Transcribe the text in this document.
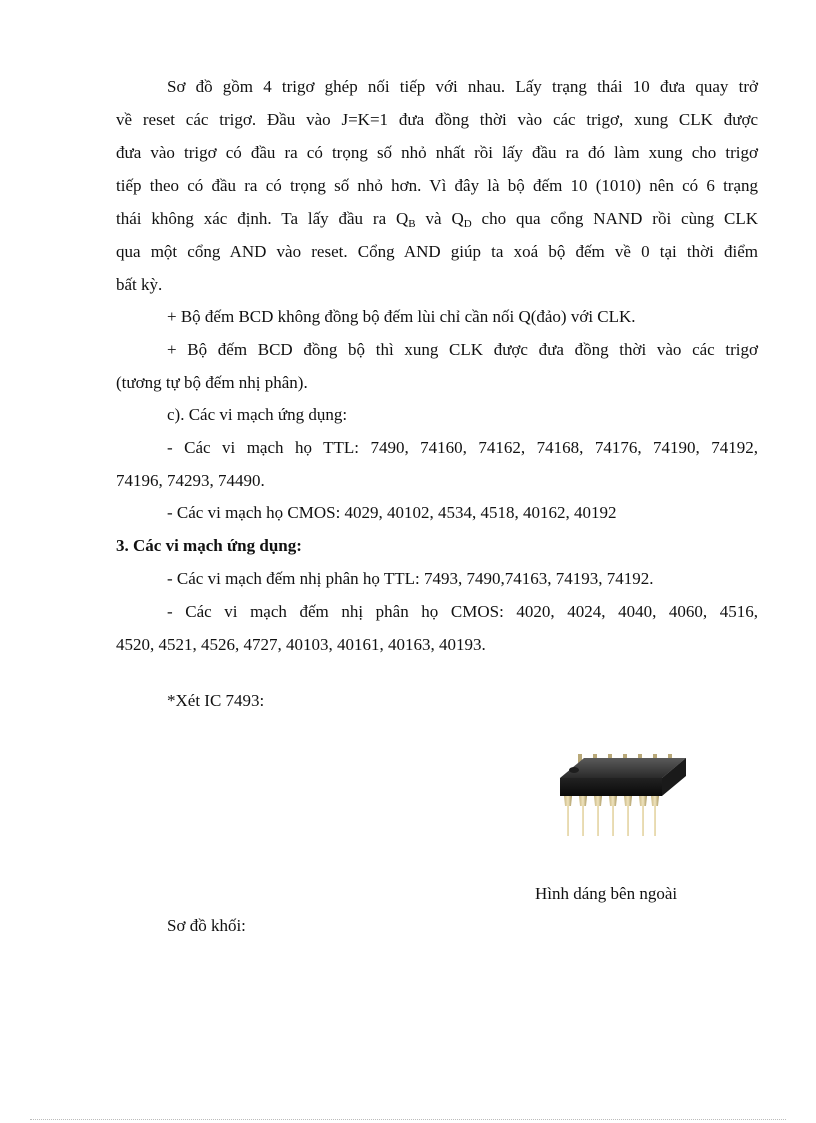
Sơ đồ gồm 4 trigơ ghép nối tiếp với nhau. Lấy trạng thái 10 đưa quay trở
về reset các trigơ. Đầu vào J=K=1 đưa đồng thời vào các trigơ, xung CLK được
đưa vào trigơ có đầu ra có trọng số nhỏ nhất rồi lấy đầu ra đó làm xung cho trigơ
tiếp theo có đầu ra có trọng số nhỏ hơn. Vì đây là bộ đếm 10 (1010) nên có 6 trạng
thái không xác định. Ta lấy đầu ra $Q_B$ và $Q_D$ cho qua cổng NAND rồi cùng CLK
qua một cổng AND vào reset. Cổng AND giúp ta xoá bộ đếm về 0 tại thời điểm
bất kỳ.
+ Bộ đếm BCD không đồng bộ đếm lùi chỉ cần nối Q(đảo) với CLK.
+ Bộ đếm BCD đồng bộ thì xung CLK được đưa đồng thời vào các trigơ
(tương tự bộ đếm nhị phân).
c). Các vi mạch ứng dụng:
- Các vi mạch họ TTL: 7490, 74160, 74162, 74168, 74176, 74190, 74192,
74196, 74293, 74490.
- Các vi mạch họ CMOS: 4029, 40102, 4534, 4518, 40162, 40192
3. Các vi mạch ứng dụng:
- Các vi mạch đếm nhị phân họ TTL: 7493, 7490,74163, 74193, 74192.
- Các vi mạch đếm nhị phân họ CMOS: 4020, 4024, 4040, 4060, 4516,
4520, 4521, 4526, 4727, 40103, 40161, 40163, 40193.
*Xét IC 7493:
Hình dáng bên ngoài
Sơ đồ khối:
